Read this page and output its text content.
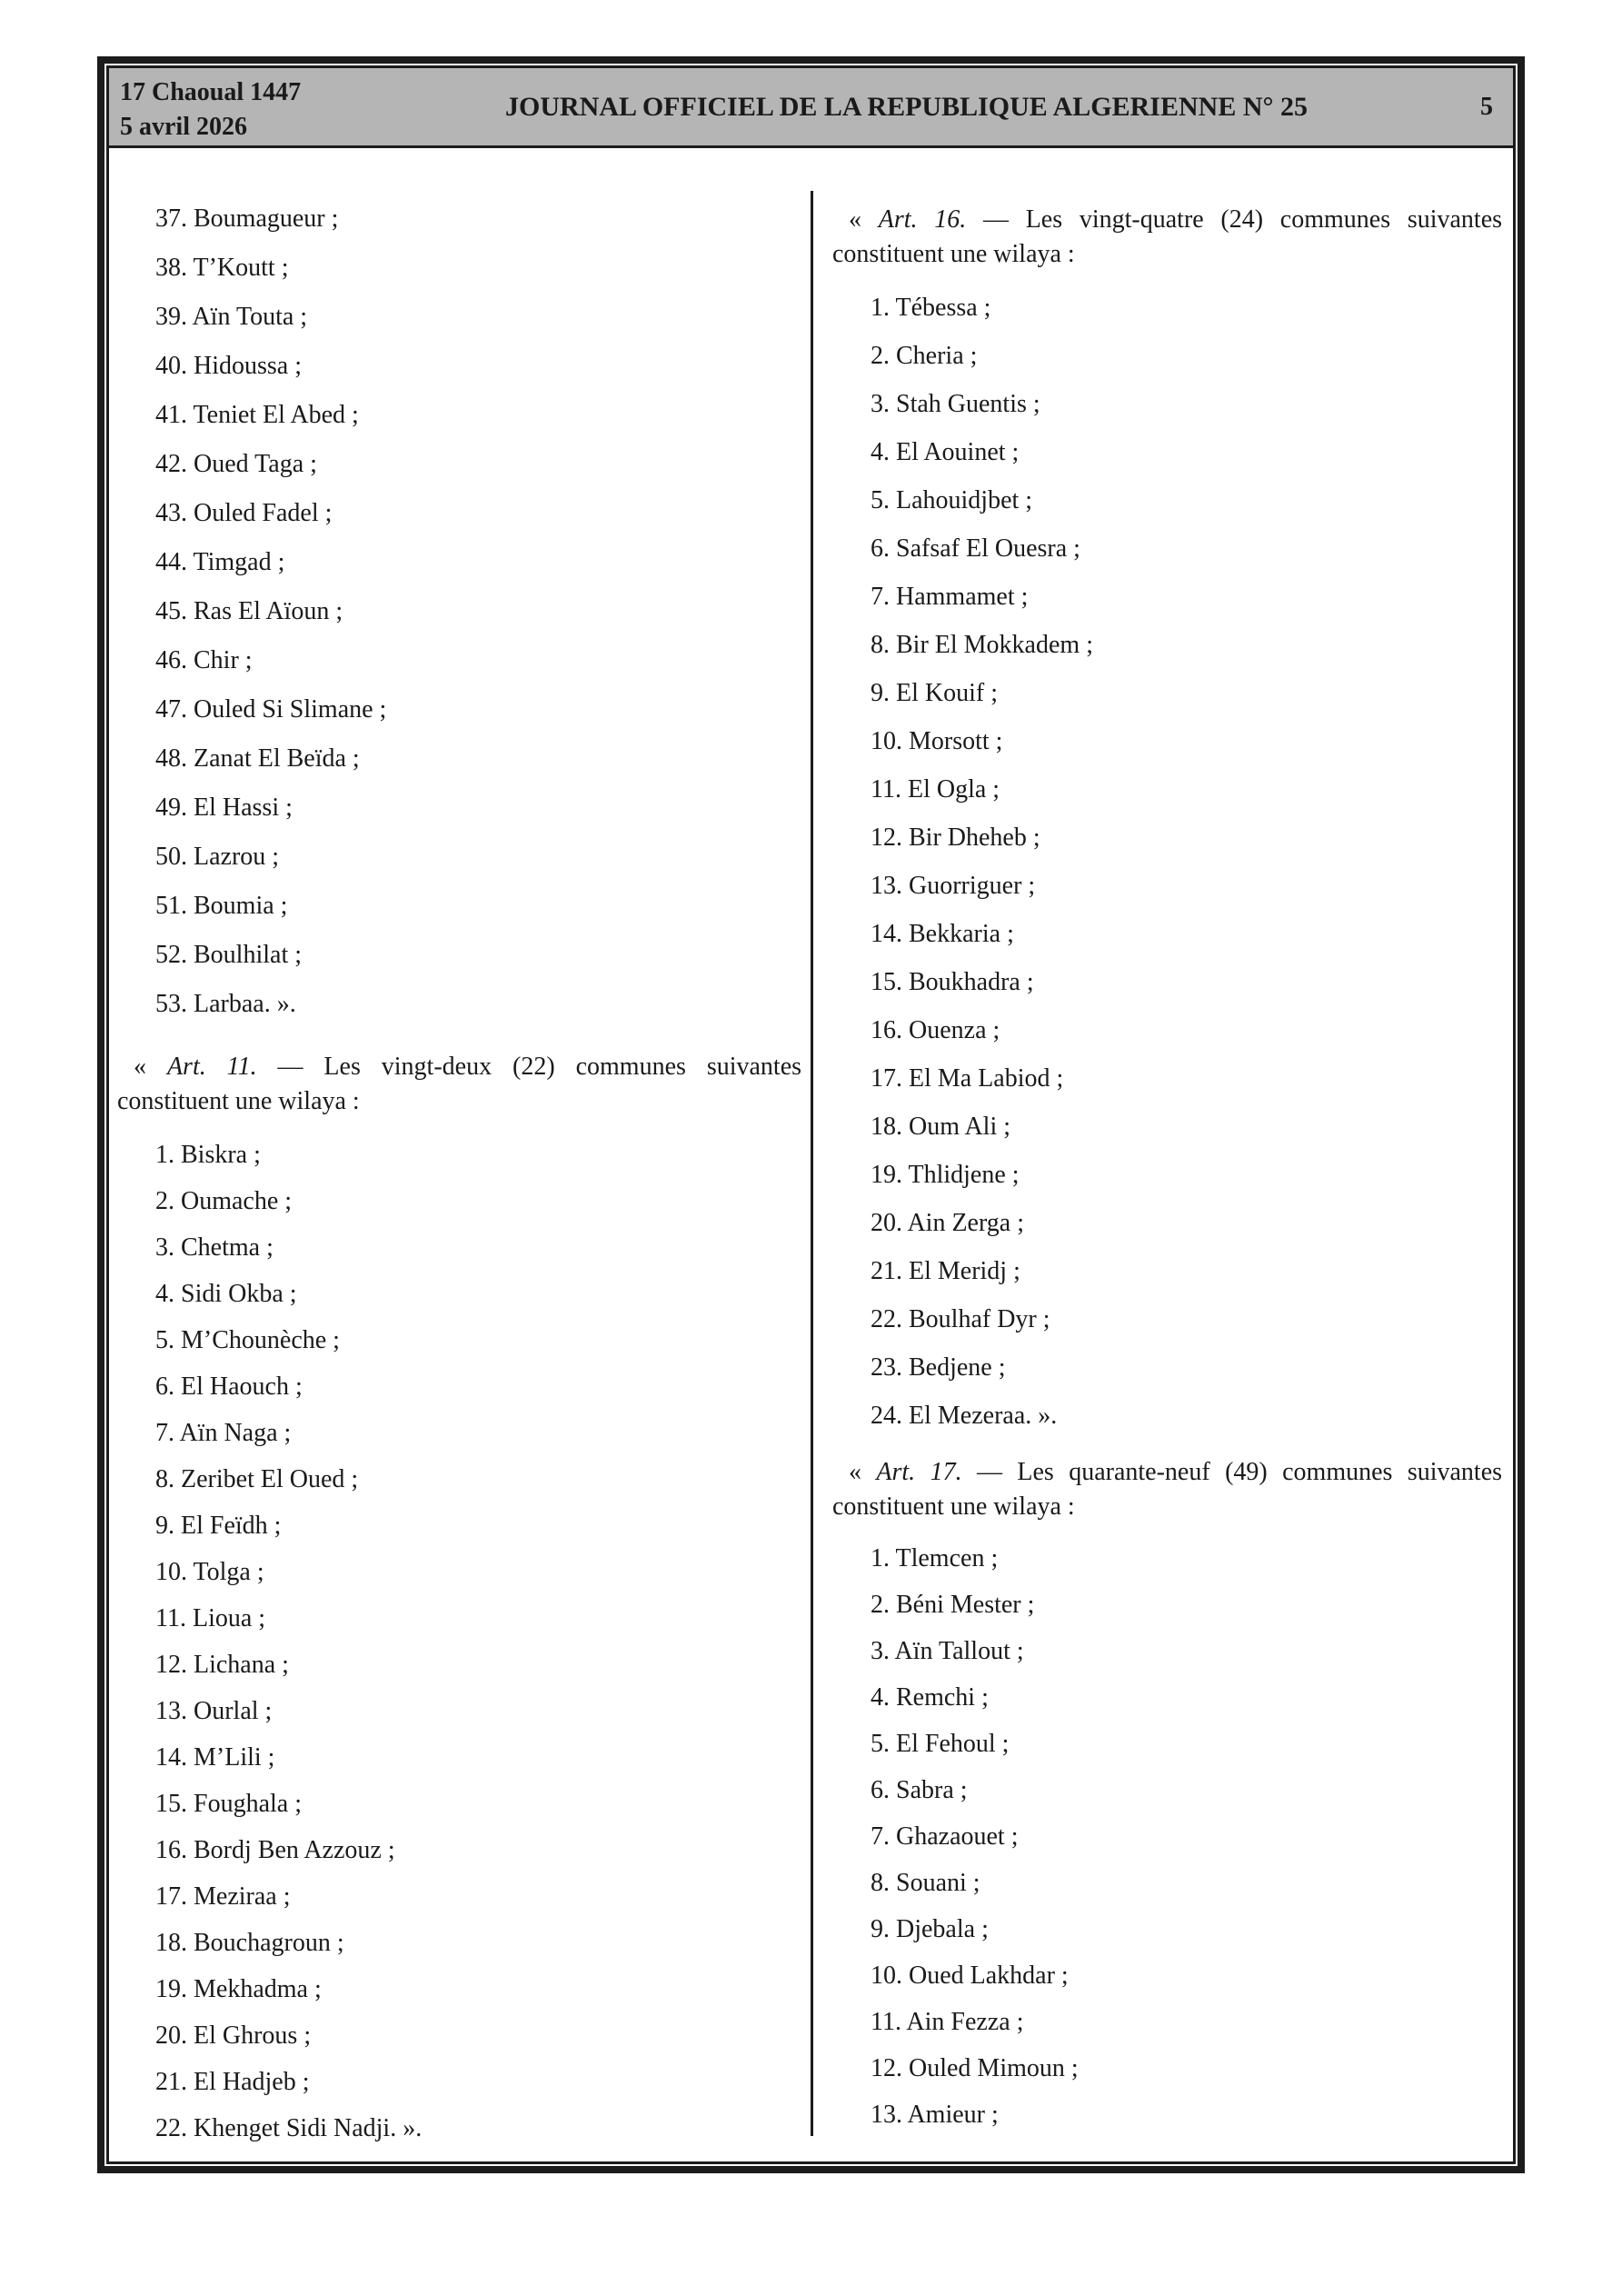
17 Chaoual 1447
5 avril 2026
JOURNAL OFFICIEL DE LA REPUBLIQUE ALGERIENNE N° 25	5
37. Boumagueur ;
38. T’Koutt ;
39. Aïn Touta ;
40. Hidoussa ;
41. Teniet El Abed ;
42. Oued Taga ;
43. Ouled Fadel ;
44. Timgad ;
45. Ras El Aïoun ;
46. Chir ;
47. Ouled Si Slimane ;
48. Zanat El Beïda ;
49. El Hassi ;
50. Lazrou ;
51. Boumia ;
52. Boulhilat ;
53. Larbaa. ».
« Art. 11. — Les vingt-deux (22) communes suivantes
constituent une wilaya :
1. Biskra ;
2. Oumache ;
3. Chetma ;
4. Sidi Okba ;
5. M’Chounèche ;
6. El Haouch ;
7. Aïn Naga ;
8. Zeribet El Oued ;
9. El Feïdh ;
10. Tolga ;
11. Lioua ;
12. Lichana ;
13. Ourlal ;
14. M’Lili ;
15. Foughala ;
16. Bordj Ben Azzouz ;
17. Meziraa ;
18. Bouchagroun ;
19. Mekhadma ;
20. El Ghrous ;
21. El Hadjeb ;
22. Khenget Sidi Nadji. ».
« Art. 16. — Les vingt-quatre (24) communes suivantes
constituent une wilaya :
1. Tébessa ;
2. Cheria ;
3. Stah Guentis ;
4. El Aouinet ;
5. Lahouidjbet ;
6. Safsaf El Ouesra ;
7. Hammamet ;
8. Bir El Mokkadem ;
9. El Kouif ;
10. Morsott ;
11. El Ogla ;
12. Bir Dheheb ;
13. Guorriguer ;
14. Bekkaria ;
15. Boukhadra ;
16. Ouenza ;
17. El Ma Labiod ;
18. Oum Ali ;
19. Thlidjene ;
20. Ain Zerga ;
21. El Meridj ;
22. Boulhaf Dyr ;
23. Bedjene ;
24. El Mezeraa. ».
« Art. 17. — Les quarante-neuf (49) communes suivantes
constituent une wilaya :
1. Tlemcen ;
2. Béni Mester ;
3. Aïn Tallout ;
4. Remchi ;
5. El Fehoul ;
6. Sabra ;
7. Ghazaouet ;
8. Souani ;
9. Djebala ;
10. Oued Lakhdar ;
11. Ain Fezza ;
12. Ouled Mimoun ;
13. Amieur ;
